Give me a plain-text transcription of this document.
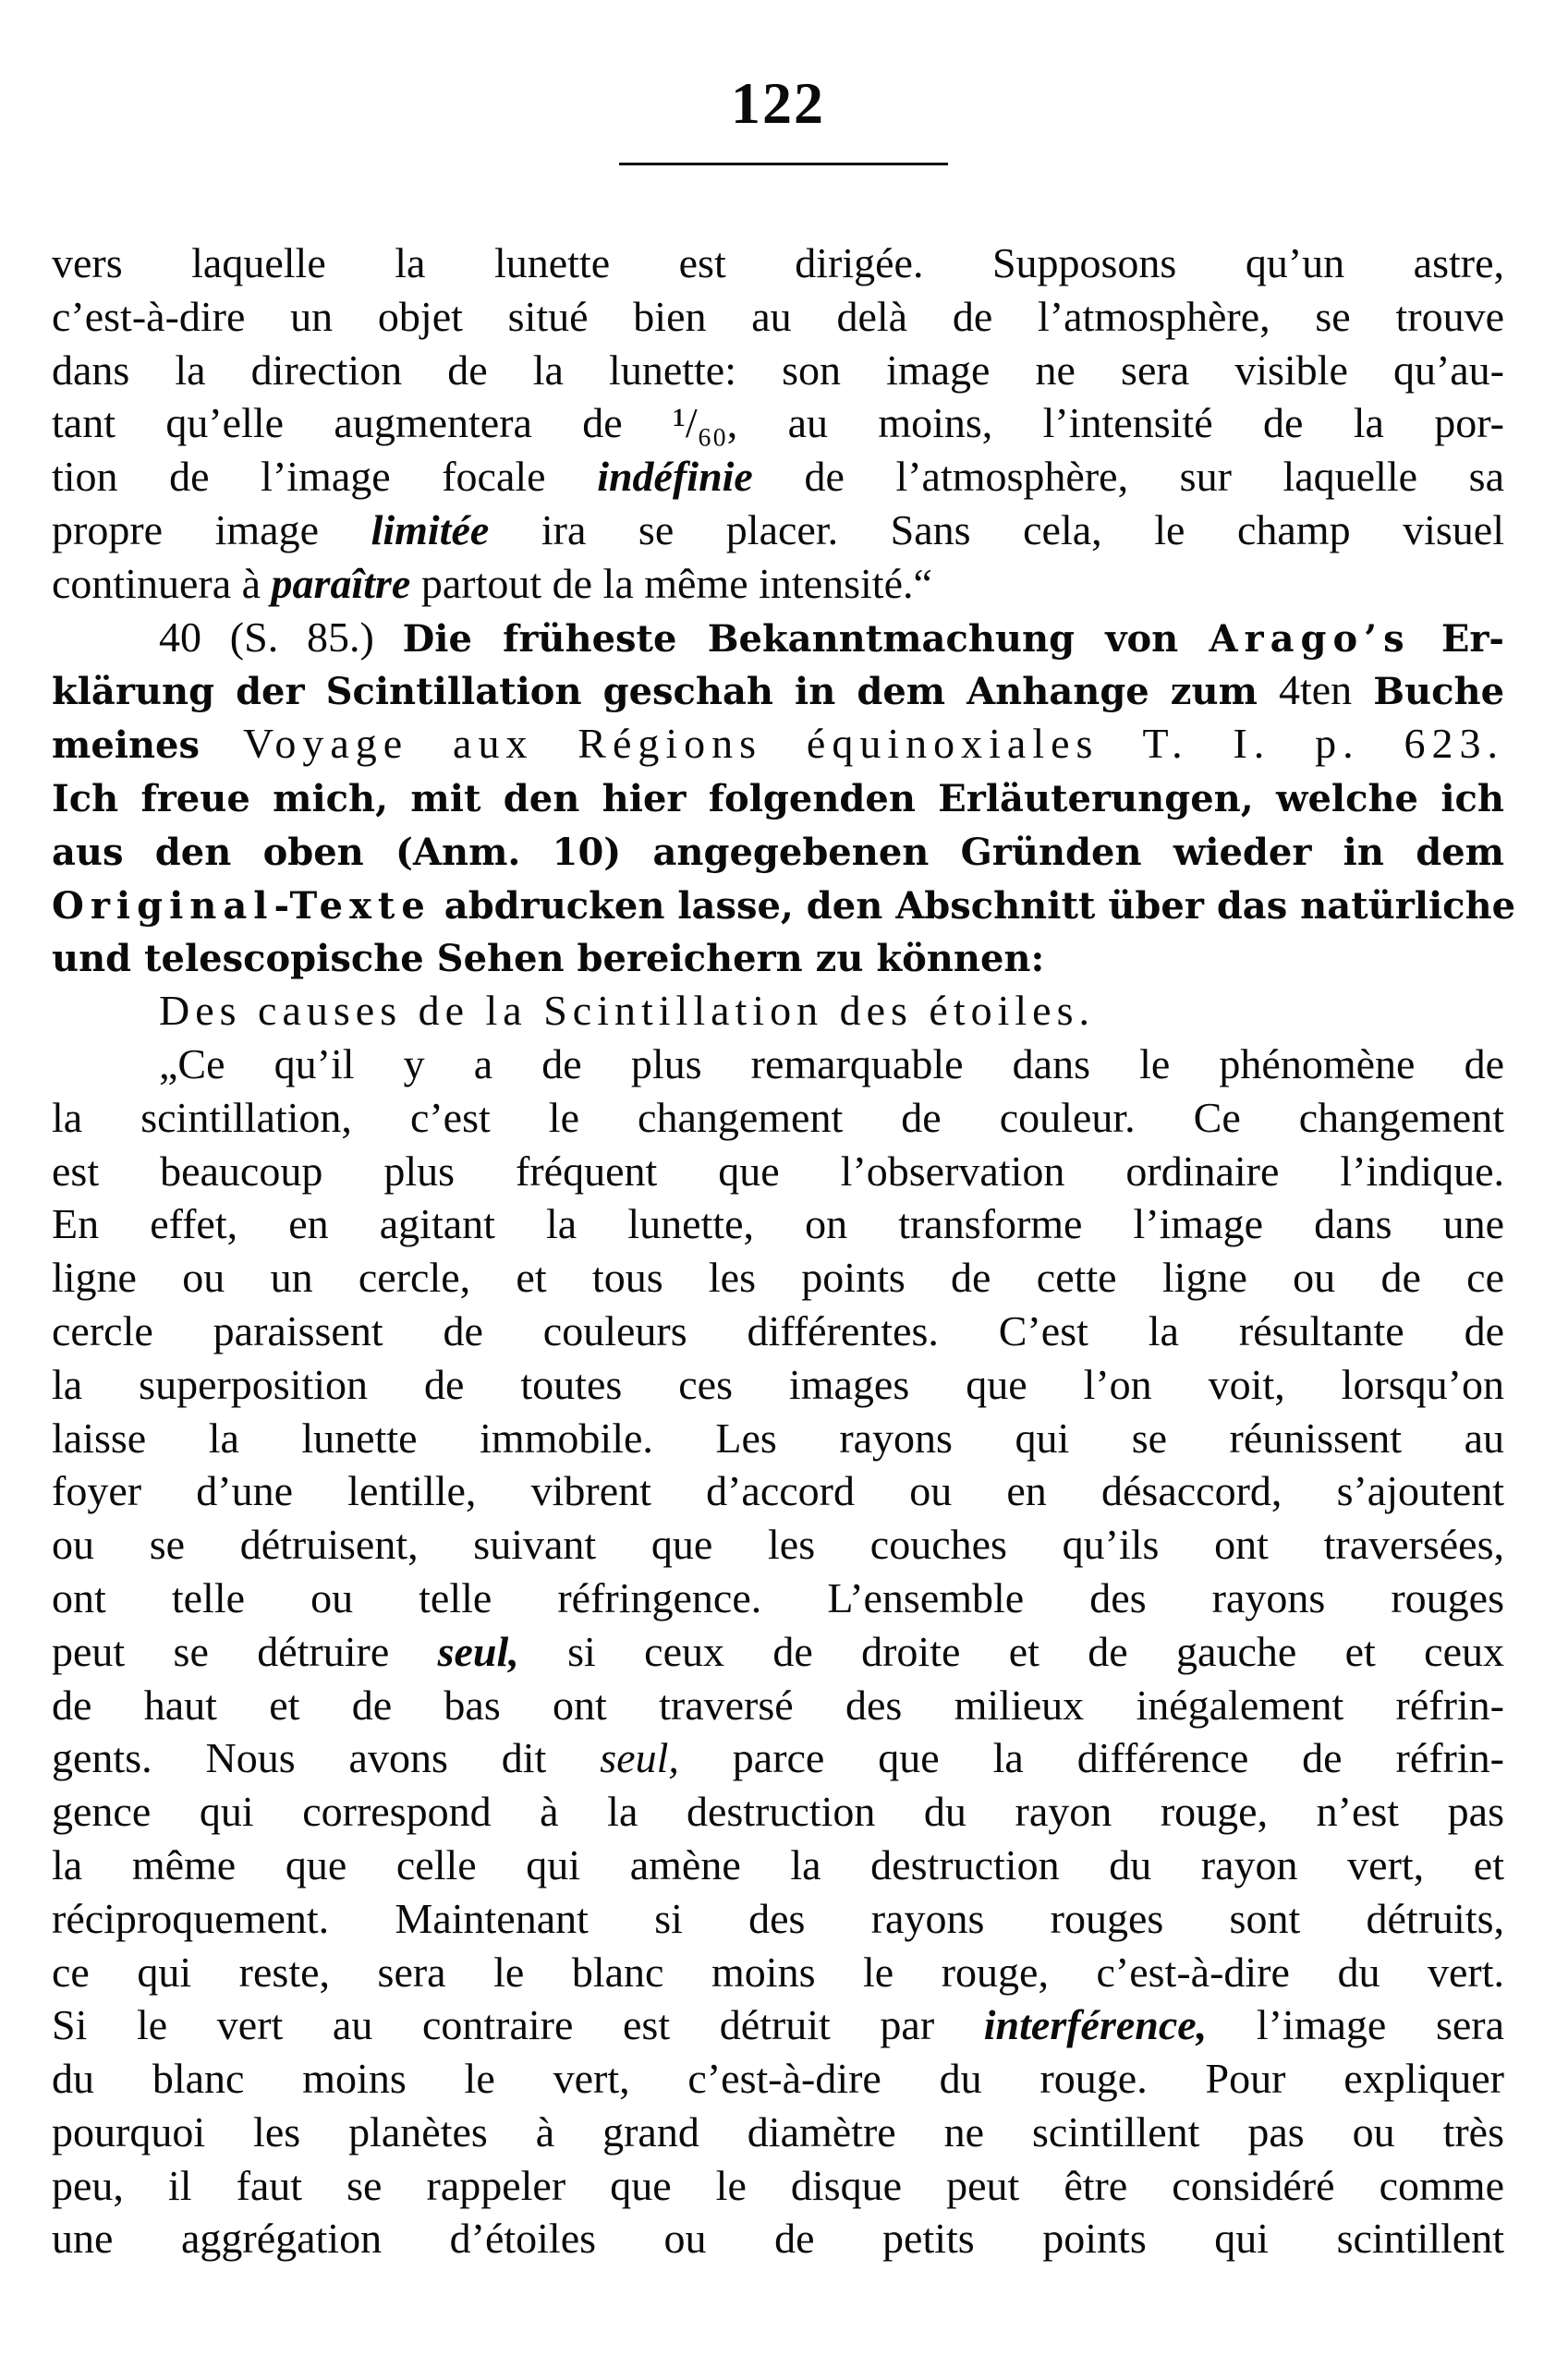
122
vers laquelle la lunette est dirigée. Supposons qu’un astre,
c’est-à-dire un objet situé bien au delà de l’atmosphère, se trouve
dans la direction de la lunette: son image ne sera visible qu’au-
tant qu’elle augmentera de ¹/₆₀, au moins, l’intensité de la por-
tion de l’image focale indéfinie de l’atmosphère, sur laquelle sa
propre image limitée ira se placer. Sans cela, le champ visuel
continuera à paraître partout de la même intensité.“
40 (S. 85.) Die früheste Bekanntmachung von Arago’s Er-
klärung der Scintillation geschah in dem Anhange zum 4ten Buche
meines Voyage aux Régions équinoxiales T. I. p. 623.
Ich freue mich, mit den hier folgenden Erläuterungen, welche ich
aus den oben (Anm. 10) angegebenen Gründen wieder in dem
Original-Texte abdrucken lasse, den Abschnitt über das natürliche
und telescopische Sehen bereichern zu können:
Des causes de la Scintillation des étoiles.
„Ce qu’il y a de plus remarquable dans le phénomène de
la scintillation, c’est le changement de couleur. Ce changement
est beaucoup plus fréquent que l’observation ordinaire l’indique.
En effet, en agitant la lunette, on transforme l’image dans une
ligne ou un cercle, et tous les points de cette ligne ou de ce
cercle paraissent de couleurs différentes. C’est la résultante de
la superposition de toutes ces images que l’on voit, lorsqu’on
laisse la lunette immobile. Les rayons qui se réunissent au
foyer d’une lentille, vibrent d’accord ou en désaccord, s’ajoutent
ou se détruisent, suivant que les couches qu’ils ont traversées,
ont telle ou telle réfringence. L’ensemble des rayons rouges
peut se détruire seul, si ceux de droite et de gauche et ceux
de haut et de bas ont traversé des milieux inégalement réfrin-
gents. Nous avons dit seul, parce que la différence de réfrin-
gence qui correspond à la destruction du rayon rouge, n’est pas
la même que celle qui amène la destruction du rayon vert, et
réciproquement. Maintenant si des rayons rouges sont détruits,
ce qui reste, sera le blanc moins le rouge, c’est-à-dire du vert.
Si le vert au contraire est détruit par interférence, l’image sera
du blanc moins le vert, c’est-à-dire du rouge. Pour expliquer
pourquoi les planètes à grand diamètre ne scintillent pas ou très
peu, il faut se rappeler que le disque peut être considéré comme
une aggrégation d’étoiles ou de petits points qui scintillent
